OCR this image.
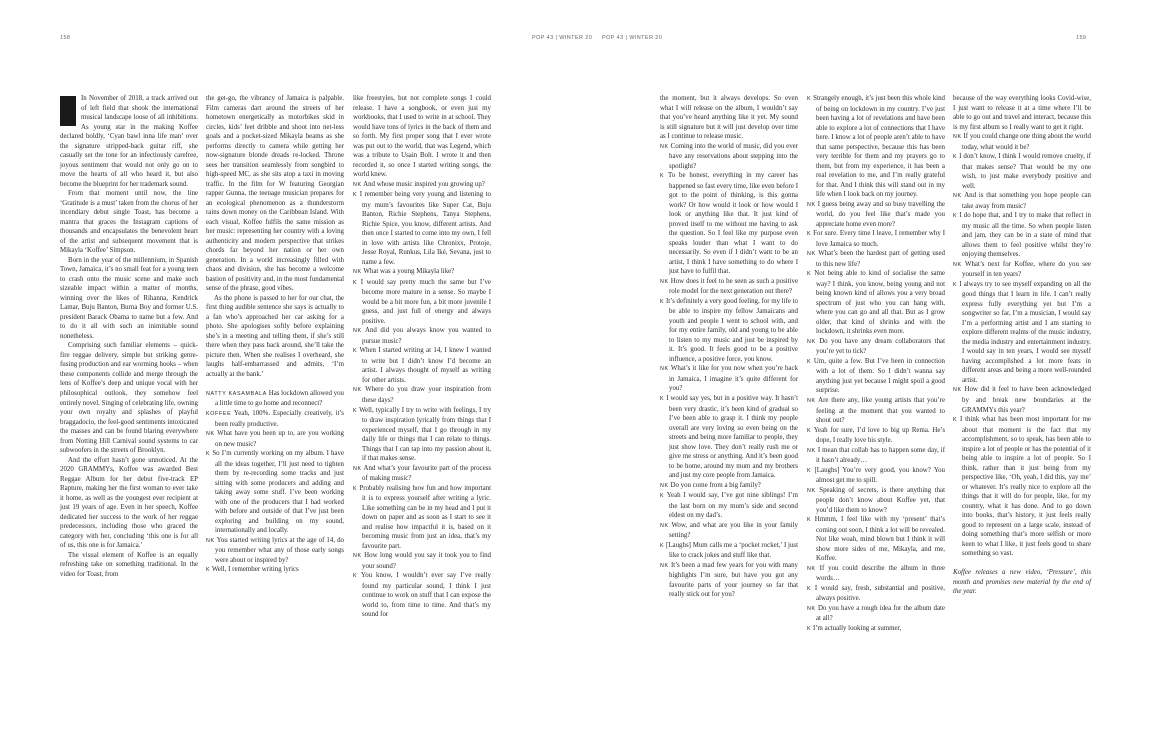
158	POP 43 | WINTER 20

In November of 2018, a track arrived out of left field that shook the international musical landscape loose of all inhibitions. As young star in the making Koffee declared boldly, ‘Cyan bawl inna life man’ over the signature stripped-back guitar riff, she casually set the tone for an infectiously carefree, joyous sentiment that would not only go on to move the hearts of all who heard it, but also become the blueprint for her trademark sound.

From that moment until now, the line ‘Gratitude is a must’ taken from the chorus of her incendiary debut single Toast, has become a mantra that graces the Instagram captions of thousands and encapsulates the benevolent heart of the artist and subsequent movement that is Mikayla ‘Koffee’ Simpson.

Born in the year of the millennium, in Spanish Town, Jamaica, it’s no small feat for a young teen to crash onto the music scene and make such sizeable impact within a matter of months, winning over the likes of Rihanna, Kendrick Lamar, Buju Banton, Burna Boy and former U.S. president Barack Obama to name but a few. And to do it all with such an inimitable sound nonetheless.

Comprising such familiar elements – quick-fire reggae delivery, simple but striking genre-fusing production and ear worming hooks – when these components collide and merge through the lens of Koffee’s deep and unique vocal with her philosophical outlook, they somehow feel entirely novel. Singing of celebrating life, owning your own royalty and splashes of playful braggadocio, the feel-good sentiments intoxicated the masses and can be found blaring everywhere from Notting Hill Carnival sound systems to car subwoofers in the streets of Brooklyn.

And the effort hasn’t gone unnoticed. At the 2020 GRAMMYs, Koffee was awarded Best Reggae Album for her debut five-track EP Rapture, making her the first woman to ever take it home, as well as the youngest ever recipient at just 19 years of age. Even in her speech, Koffee dedicated her success to the work of her reggae predecessors, including those who graced the category with her, concluding ‘this one is for all of us, this one is for Jamaica.’

The visual element of Koffee is an equally refreshing take on something traditional. In the video for Toast, from

the get-go, the vibrancy of Jamaica is palpable. Film cameras dart around the streets of her hometown energetically as motorbikes skid in circles, kids’ feet dribble and shoot into net-less goals and a pocket-sized Mikayla beams as she performs directly to camera while getting her now-signature blonde dreads re-locked. Throne sees her transition seamlessly from songbird to high-speed MC, as she sits atop a taxi in moving traffic. In the film for W featuring Georgian rapper Gunna, the teenage musician prepares for an ecological phenomenon as a thunderstorm rains down money on the Caribbean Island. With each visual, Koffee fulfils the same mission as her music: representing her country with a loving authenticity and modern perspective that strikes chords far beyond her nation or her own generation. In a world increasingly filled with chaos and division, she has become a welcome bastion of positivity and, in the most fundamental sense of the phrase, good vibes.

As the phone is passed to her for our chat, the first thing audible sentence she says is actually to a fan who’s approached her car asking for a photo. She apologises softly before explaining she’s in a meeting and telling them, if she’s still there when they pass back around, she’ll take the picture then. When she realises I overheard, she laughs half-embarrassed and admits, ‘I’m actually at the bank.’

NATTY KASAMBALA Has lockdown allowed you a little time to go home and reconnect?

KOFFEE Yeah, 100%. Especially creatively, it’s been really productive.

NK What have you been up to, are you working on new music?

K So I’m currently working on my album. I have all the ideas together, I’ll just need to tighten them by re-recording some tracks and just sitting with some producers and adding and taking away some stuff. I’ve been working with one of the producers that I had worked with before and outside of that I’ve just been exploring and building on my sound, internationally and locally.

NK You started writing lyrics at the age of 14, do you remember what any of those early songs were about or inspired by?

K Well, I remember writing lyrics

like freestyles, but not complete songs I could release. I have a songbook, or even just my workbooks, that I used to write in at school. They would have tons of lyrics in the back of them and so forth. My first proper song that I ever wrote was put out to the world, that was Legend, which was a tribute to Usain Bolt. I wrote it and then recorded it, so once I started writing songs, the world knew.

NK And whose music inspired you growing up?

K I remember being very young and listening to my mum’s favourites like Super Cat, Buju Banton, Richie Stephens, Tanya Stephens, Richie Spice, you know, different artists. And then once I started to come into my own, I fell in love with artists like Chronixx, Protoje, Jesse Royal, Runkus, Lila Iké, Sevana, just to name a few.

NK What was a young Mikayla like?

K I would say pretty much the same but I’ve become more mature in a sense. So maybe I would be a bit more fun, a bit more juvenile I guess, and just full of energy and always positive.

NK And did you always know you wanted to pursue music?

K When I started writing at 14, I knew I wanted to write but I didn’t know I’d become an artist. I always thought of myself as writing for other artists.

NK Where do you draw your inspiration from these days?

K Well, typically I try to write with feelings, I try to draw inspiration lyrically from things that I experienced myself, that I go through in my daily life or things that I can relate to things. Things that I can tap into my passion about it, if that makes sense.

NK And what’s your favourite part of the process of making music?

K Probably realising how fun and how important it is to express yourself after writing a lyric. Like something can be in my head and I put it down on paper and as soon as I start to see it and realise how impactful it is, based on it becoming music from just an idea, that’s my favourite part.

NK How long would you say it took you to find your sound?

K You know, I wouldn’t ever say I’ve really found my particular sound, I think I just continue to work on stuff that I can expose the world to, from time to time. And that’s my sound for

POP 43 | WINTER 20	159

the moment, but it always develops. So even what I will release on the album, I wouldn’t say that you’ve heard anything like it yet. My sound is still signature but it will just develop over time as I continue to release music.

NK Coming into the world of music, did you ever have any reservations about stepping into the spotlight?

K To be honest, everything in my career has happened so fast every time, like even before I got to the point of thinking, is this gonna work? Or how would it look or how would I look or anything like that. It just kind of proved itself to me without me having to ask the question. So I feel like my purpose even speaks louder than what I want to do necessarily. So even if I didn’t want to be an artist, I think I have something to do where I just have to fulfil that.

NK How does it feel to be seen as such a positive role model for the next generation out there?

K It’s definitely a very good feeling, for my life to be able to inspire my fellow Jamaicans and youth and people I went to school with, and for my entire family, old and young to be able to listen to my music and just be inspired by it. It’s good. It feels good to be a positive influence, a positive force, you know.

NK What’s it like for you now when you’re back in Jamaica, I imagine it’s quite different for you?

K I would say yes, but in a positive way. It hasn’t been very drastic, it’s been kind of gradual so I’ve been able to grasp it. I think my people overall are very loving so even being on the streets and being more familiar to people, they just show love. They don’t really rush me or give me stress or anything. And it’s been good to be home, around my mum and my brothers and just my core people from Jamaica.

NK Do you come from a big family?

K Yeah I would say, I’ve got nine siblings! I’m the last born on my mum’s side and second eldest on my dad’s.

NK Wow, and what are you like in your family setting?

K [Laughs] Mum calls me a ‘pocket rocket,’ I just like to crack jokes and stuff like that.

NK It’s been a mad few years for you with many highlights I’m sure, but have you got any favourite parts of your journey so far that really stick out for you?

K Strangely enough, it’s just been this whole kind of being on lockdown in my country. I’ve just been having a lot of revelations and have been able to explore a lot of connections that I have here. I know a lot of people aren’t able to have that same perspective, because this has been very terrible for them and my prayers go to them, but from my experience, it has been a real revelation to me, and I’m really grateful for that. And I think this will stand out in my life when I look back on my journey.

NK I guess being away and so busy travelling the world, do you feel like that’s made you appreciate home even more?

K For sure. Every time I leave, I remember why I love Jamaica so much.

NK What’s been the hardest part of getting used to this new life?

K Not being able to kind of socialise the same way? I think, you know, being young and not being known kind of allows you a very broad spectrum of just who you can hang with, where you can go and all that. But as I grow older, that kind of shrinks and with the lockdown, it shrinks even more.

NK Do you have any dream collaborators that you’re yet to tick?

K Um, quite a few. But I’ve been in connection with a lot of them. So I didn’t wanna say anything just yet because I might spoil a good surprise.

NK Are there any, like young artists that you’re feeling at the moment that you wanted to shout out?

K Yeah for sure, I’d love to big up Rema. He’s dope, I really love his style.

NK I mean that collab has to happen some day, if it hasn’t already…

K [Laughs] You’re very good, you know? You almost get me to spill.

NK Speaking of secrets, is there anything that people don’t know about Koffee yet, that you’d like them to know?

K Hmmm, I feel like with my ‘present’ that’s coming out soon, I think a lot will be revealed. Not like woah, mind blown but I think it will show more sides of me, Mikayla, and me, Koffee.

NK If you could describe the album in three words…

K I would say, fresh, substantial and positive, always positive.

NK Do you have a rough idea for the album date at all?

K I’m actually looking at summer,

because of the way everything looks Covid-wise, I just want to release it at a time where I’ll be able to go out and travel and interact, because this is my first album so I really want to get it right.

NK If you could change one thing about the world today, what would it be?

K I don’t know, I think I would remove cruelty, if that makes sense? That would be my one wish, to just make everybody positive and well.

NK And is that something you hope people can take away from music?

K I do hope that, and I try to make that reflect in my music all the time. So when people listen and jam, they can be in a state of mind that allows them to feel positive whilst they’re enjoying themselves.

NK What’s next for Koffee, where do you see yourself in ten years?

K I always try to see myself expanding on all the good things that I learn in life. I can’t really express fully everything yet but I’m a songwriter so far, I’m a musician, I would say I’m a performing artist and I am starting to explore different realms of the music industry, the media industry and entertainment industry. I would say in ten years, I would see myself having accomplished a lot more feats in different areas and being a more well-rounded artist.

NK How did it feel to have been acknowledged by and break new boundaries at the GRAMMYs this year?

K I think what has been most important for me about that moment is the fact that my accomplishment, so to speak, has been able to inspire a lot of people or has the potential of it being able to inspire a lot of people. So I think, rather than it just being from my perspective like, ‘Oh, yeah, I did this, yay me’ or whatever. It’s really nice to explore all the things that it will do for people, like, for my country, what it has done. And to go down into books, that’s history, it just feels really good to represent on a large scale, instead of doing something that’s more selfish or more keen to what I like, it just feels good to share something so vast.

Koffee releases a new video, ‘Pressure’, this month and promises new material by the end of the year.
